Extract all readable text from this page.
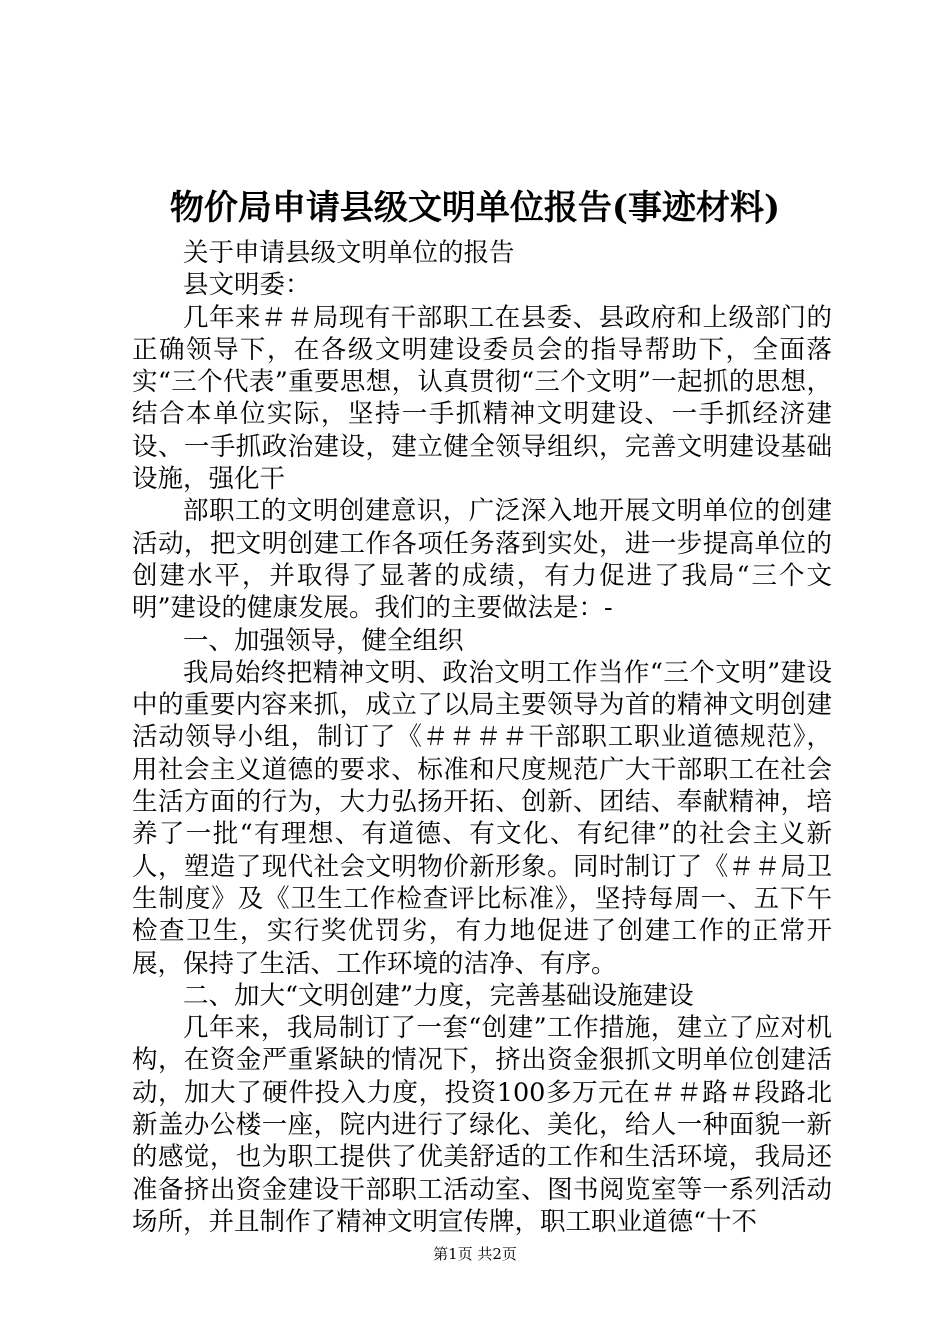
物价局申请县级文明单位报告(事迹材料)

关于申请县级文明单位的报告

县文明委：

几年来＃＃局现有干部职工在县委、县政府和上级部门的正确领导下，在各级文明建设委员会的指导帮助下，全面落实“三个代表”重要思想，认真贯彻“三个文明”一起抓的思想，结合本单位实际，坚持一手抓精神文明建设、一手抓经济建设、一手抓政治建设，建立健全领导组织，完善文明建设基础设施，强化干

部职工的文明创建意识，广泛深入地开展文明单位的创建活动，把文明创建工作各项任务落到实处，进一步提高单位的创建水平，并取得了显著的成绩，有力促进了我局“三个文明”建设的健康发展。我们的主要做法是：-

一、加强领导，健全组织

我局始终把精神文明、政治文明工作当作“三个文明”建设中的重要内容来抓，成立了以局主要领导为首的精神文明创建活动领导小组，制订了《＃＃＃＃干部职工职业道德规范》，用社会主义道德的要求、标准和尺度规范广大干部职工在社会生活方面的行为，大力弘扬开拓、创新、团结、奉献精神，培养了一批“有理想、有道德、有文化、有纪律”的社会主义新人，塑造了现代社会文明物价新形象。同时制订了《＃＃局卫生制度》及《卫生工作检查评比标准》，坚持每周一、五下午检查卫生，实行奖优罚劣，有力地促进了创建工作的正常开展，保持了生活、工作环境的洁净、有序。

二、加大“文明创建”力度，完善基础设施建设

几年来，我局制订了一套“创建”工作措施，建立了应对机构，在资金严重紧缺的情况下，挤出资金狠抓文明单位创建活动，加大了硬件投入力度，投资100多万元在＃＃路＃段路北新盖办公楼一座，院内进行了绿化、美化，给人一种面貌一新的感觉，也为职工提供了优美舒适的工作和生活环境，我局还准备挤出资金建设干部职工活动室、图书阅览室等一系列活动场所，并且制作了精神文明宣传牌，职工职业道德“十不

第1页 共2页
